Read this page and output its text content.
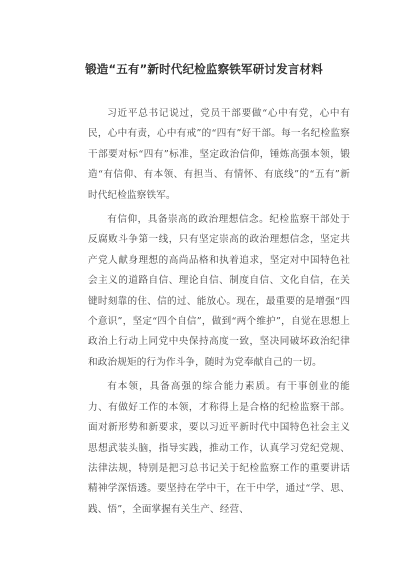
锻造“五有”新时代纪检监察铁军研讨发言材料

习近平总书记说过，党员干部要做“心中有党，心中有民，心中有责，心中有戒”的“四有”好干部。每一名纪检监察干部要对标“四有”标准，坚定政治信仰，锤炼高强本领，锻造“有信仰、有本领、有担当、有情怀、有底线”的“五有”新时代纪检监察铁军。

有信仰，具备崇高的政治理想信念。纪检监察干部处于反腐败斗争第一线，只有坚定崇高的政治理想信念，坚定共产党人献身理想的高尚品格和执着追求，坚定对中国特色社会主义的道路自信、理论自信、制度自信、文化自信，在关键时刻靠的住、信的过、能放心。现在，最重要的是增强“四个意识”，坚定“四个自信”，做到“两个维护”，自觉在思想上政治上行动上同党中央保持高度一致，坚决同破坏政治纪律和政治规矩的行为作斗争，随时为党奉献自己的一切。

有本领，具备高强的综合能力素质。有干事创业的能力、有做好工作的本领，才称得上是合格的纪检监察干部。面对新形势和新要求，要以习近平新时代中国特色社会主义思想武装头脑，指导实践，推动工作，认真学习党纪党规、法律法规，特别是把习总书记关于纪检监察工作的重要讲话精神学深悟透。要坚持在学中干，在干中学，通过“学、思、践、悟”，全面掌握有关生产、经营、
